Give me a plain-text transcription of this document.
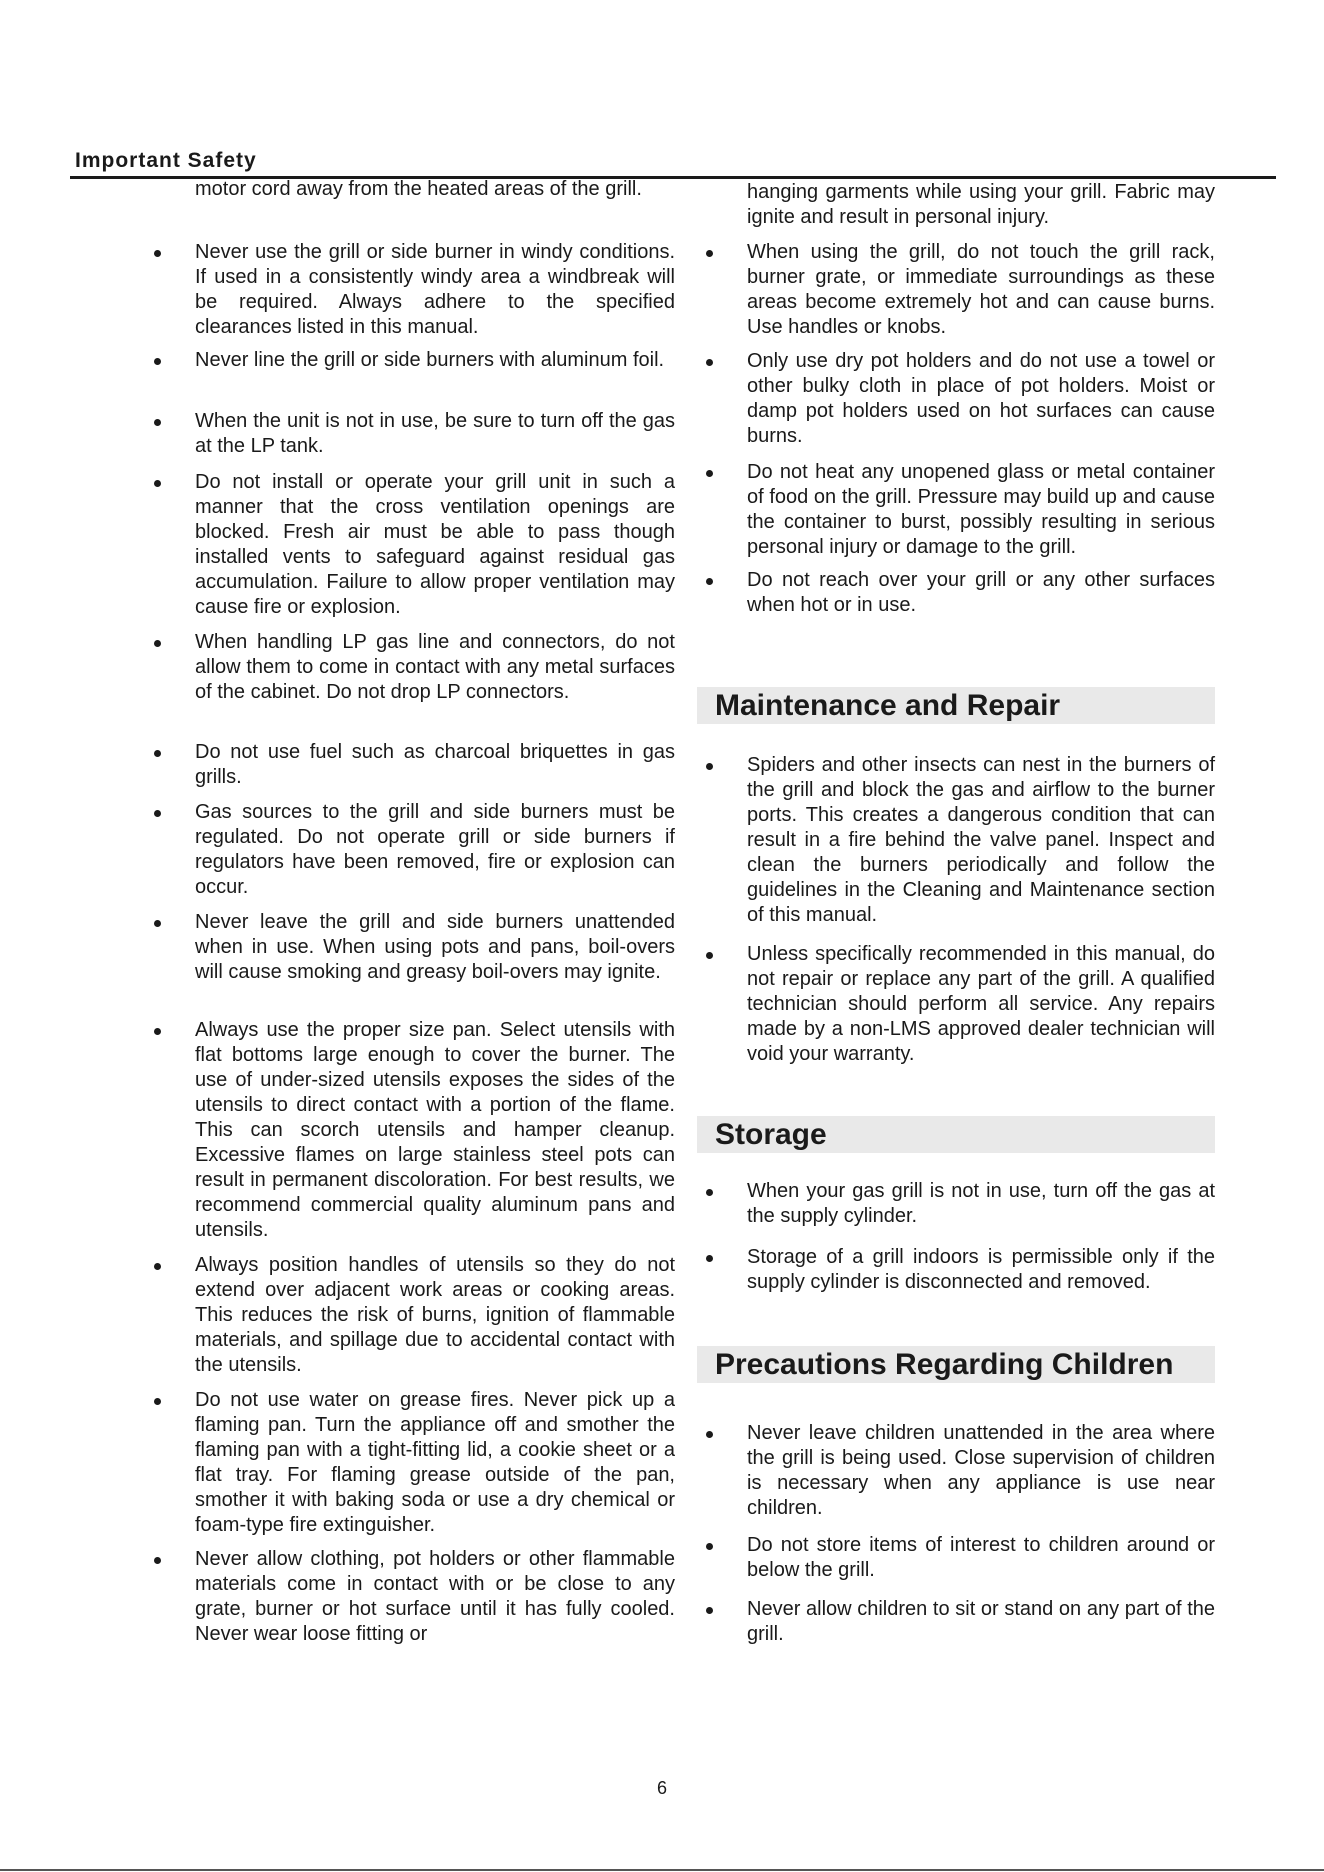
Important Safety
motor cord away from the heated areas of the grill.
Never use the grill or side burner in windy conditions. If used in a consistently windy area a windbreak will be required. Always adhere to the specified clearances listed in this manual.
Never line the grill or side burners with aluminum foil.
When the unit is not in use, be sure to turn off the gas at the LP tank.
Do not install or operate your grill unit in such a manner that the cross ventilation openings are blocked. Fresh air must be able to pass though installed vents to safeguard against residual gas accumulation. Failure to allow proper ventilation may cause fire or explosion.
When handling LP gas line and connectors, do not allow them to come in contact with any metal surfaces of the cabinet. Do not drop LP connectors.
Do not use fuel such as charcoal briquettes in gas grills.
Gas sources to the grill and side burners must be regulated. Do not operate grill or side burners if regulators have been removed, fire or explosion can occur.
Never leave the grill and side burners unattended when in use. When using pots and pans, boil-overs will cause smoking and greasy boil-overs may ignite.
Always use the proper size pan. Select utensils with flat bottoms large enough to cover the burner. The use of under-sized utensils exposes the sides of the utensils to direct contact with a portion of the flame. This can scorch utensils and hamper cleanup. Excessive flames on large stainless steel pots can result in permanent discoloration. For best results, we recommend commercial quality aluminum pans and utensils.
Always position handles of utensils so they do not extend over adjacent work areas or cooking areas. This reduces the risk of burns, ignition of flammable materials, and spillage due to accidental contact with the utensils.
Do not use water on grease fires. Never pick up a flaming pan. Turn the appliance off and smother the flaming pan with a tight-fitting lid, a cookie sheet or a flat tray. For flaming grease outside of the pan, smother it with baking soda or use a dry chemical or foam-type fire extinguisher.
Never allow clothing, pot holders or other flammable materials come in contact with or be close to any grate, burner or hot surface until it has fully cooled. Never wear loose fitting or
hanging garments while using your grill. Fabric may ignite and result in personal injury.
When using the grill, do not touch the grill rack, burner grate, or immediate surroundings as these areas become extremely hot and can cause burns. Use handles or knobs.
Only use dry pot holders and do not use a towel or other bulky cloth in place of pot holders. Moist or damp pot holders used on hot surfaces can cause burns.
Do not heat any unopened glass or metal container of food on the grill. Pressure may build up and cause the container to burst, possibly resulting in serious personal injury or damage to the grill.
Do not reach over your grill or any other surfaces when hot or in use.
Maintenance and Repair
Spiders and other insects can nest in the burners of the grill and block the gas and airflow to the burner ports. This creates a dangerous condition that can result in a fire behind the valve panel. Inspect and clean the burners periodically and follow the guidelines in the Cleaning and Maintenance section of this manual.
Unless specifically recommended in this manual, do not repair or replace any part of the grill. A qualified technician should perform all service. Any repairs made by a non-LMS approved dealer technician will void your warranty.
Storage
When your gas grill is not in use, turn off the gas at the supply cylinder.
Storage of a grill indoors is permissible only if the supply cylinder is disconnected and removed.
Precautions Regarding Children
Never leave children unattended in the area where the grill is being used. Close supervision of children is necessary when any appliance is use near children.
Do not store items of interest to children around or below the grill.
Never allow children to sit or stand on any part of the grill.
6
